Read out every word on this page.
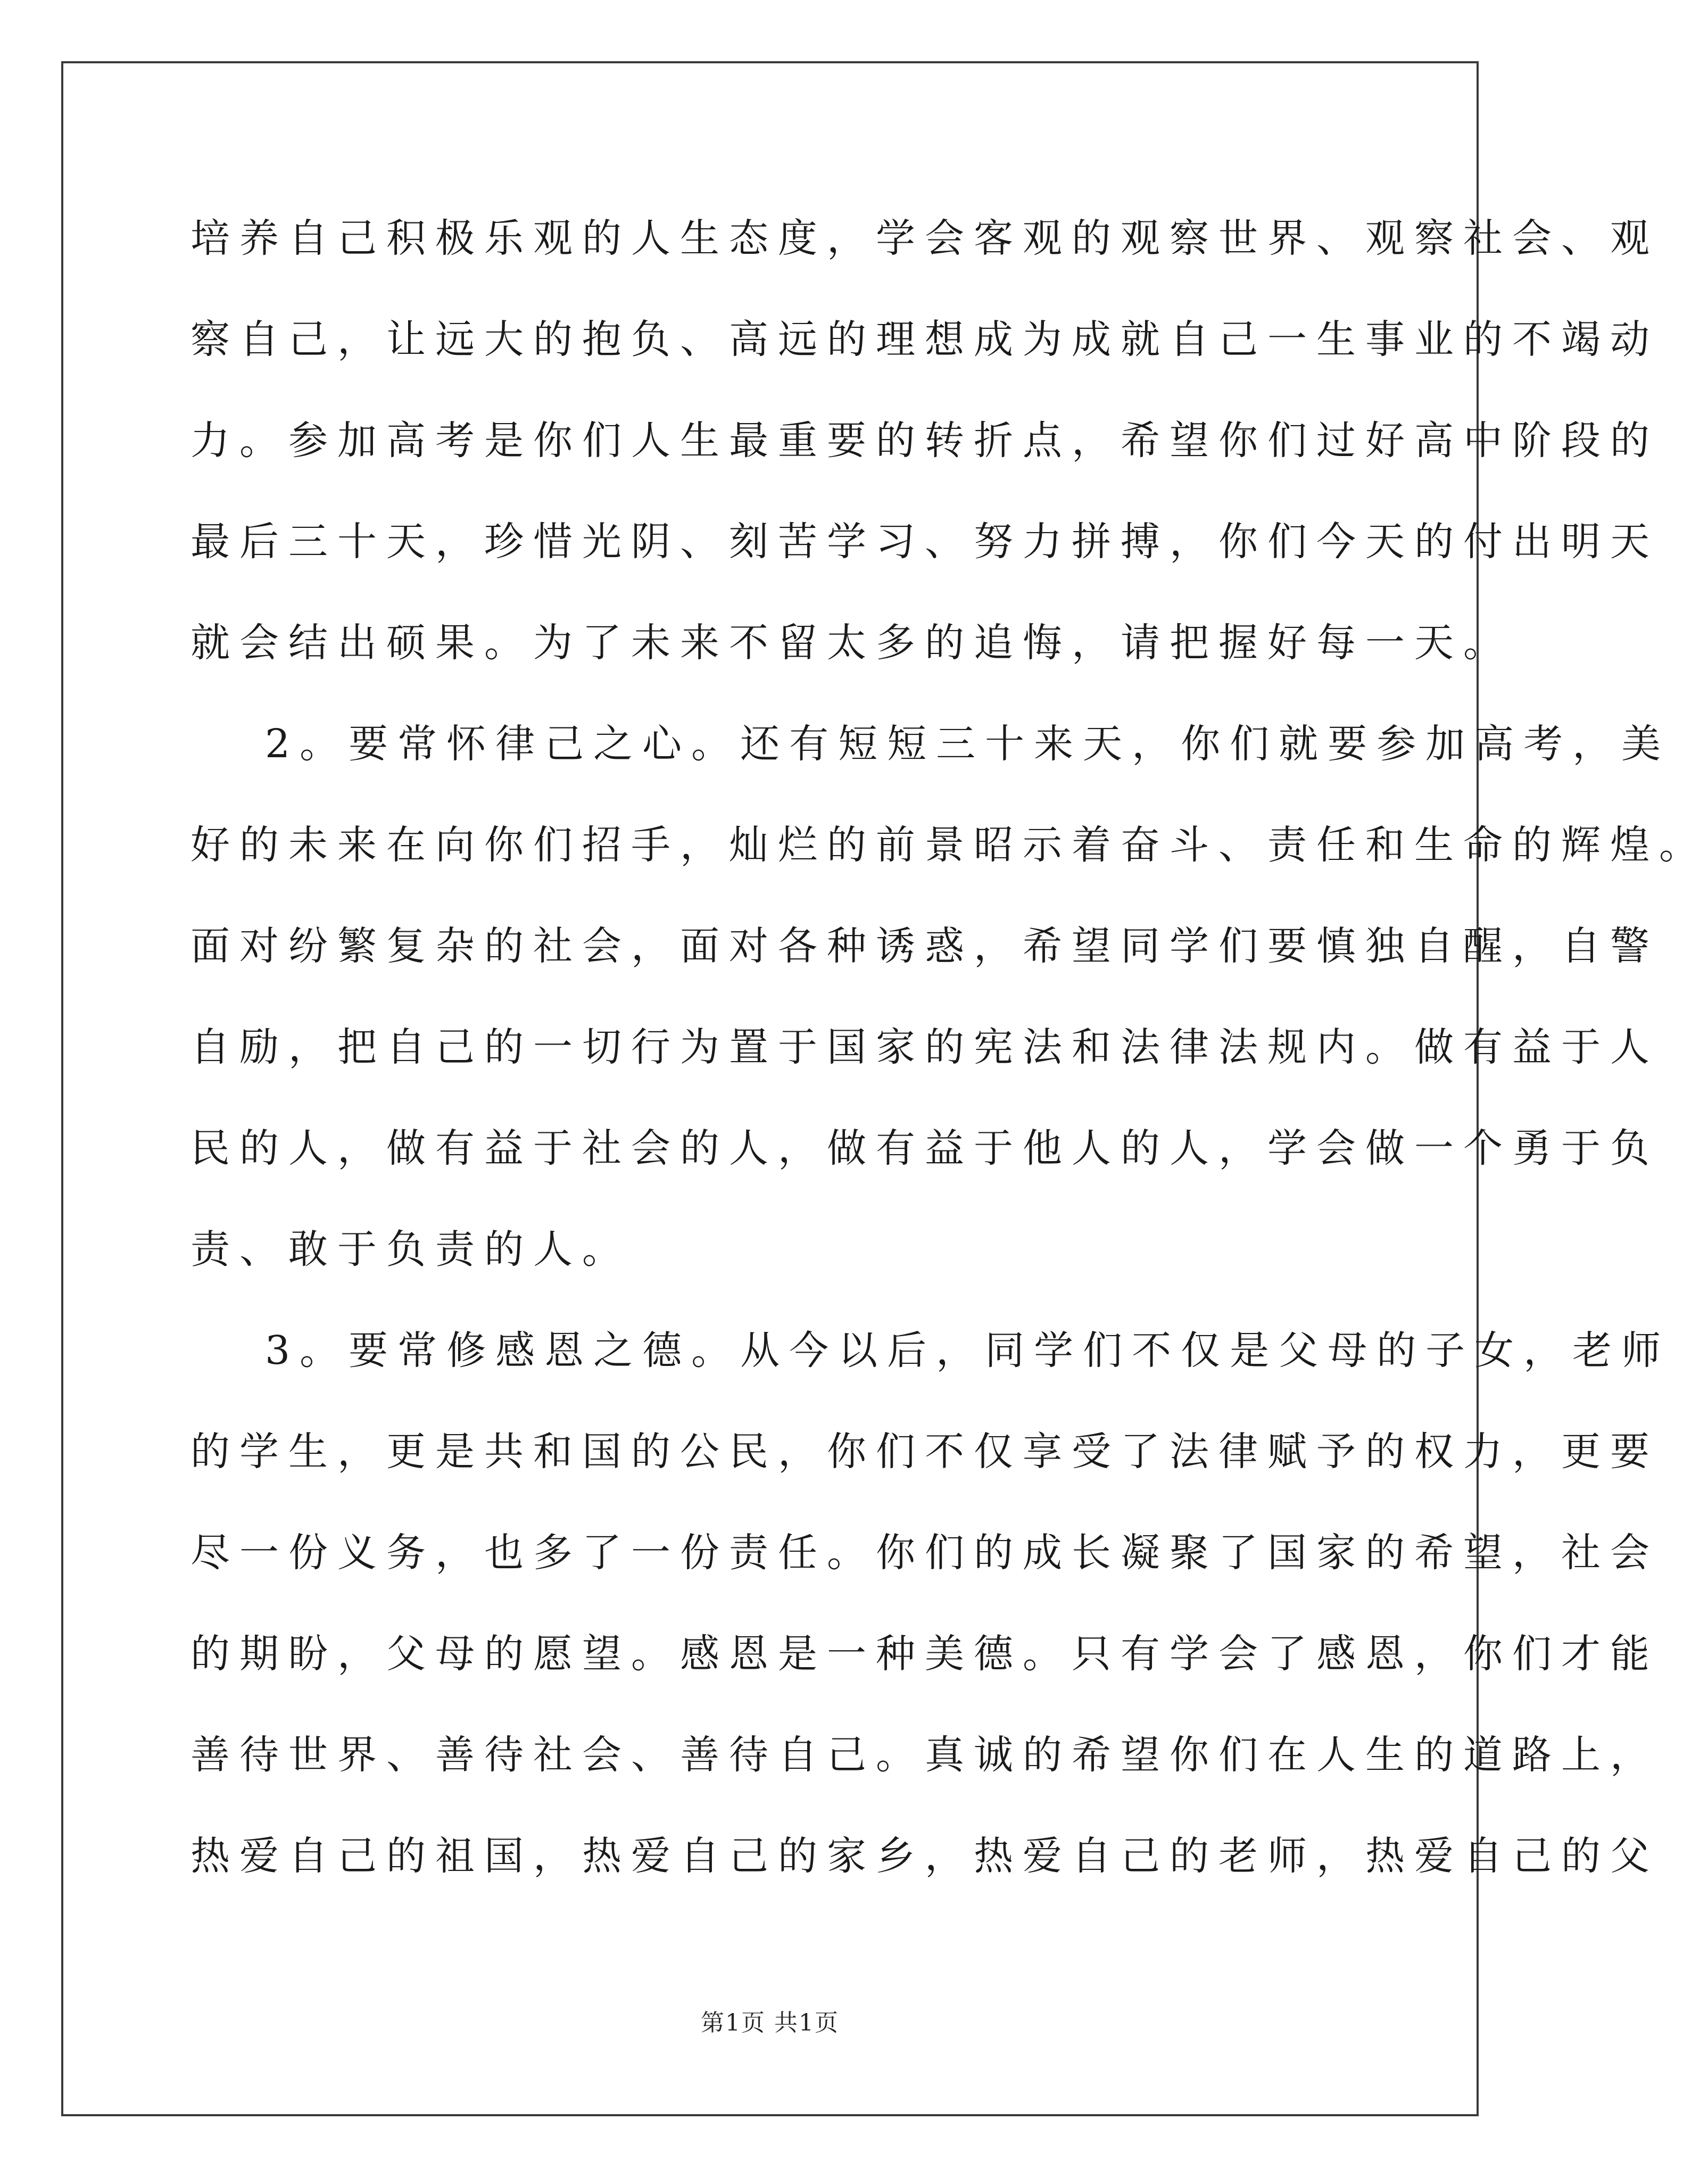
培养自己积极乐观的人生态度，学会客观的观察世界、观察社会、观
察自己，让远大的抱负、高远的理想成为成就自己一生事业的不竭动
力。参加高考是你们人生最重要的转折点，希望你们过好高中阶段的
最后三十天，珍惜光阴、刻苦学习、努力拼搏，你们今天的付出明天
就会结出硕果。为了未来不留太多的追悔，请把握好每一天。
2。要常怀律己之心。还有短短三十来天，你们就要参加高考，美
好的未来在向你们招手，灿烂的前景昭示着奋斗、责任和生命的辉煌。
面对纷繁复杂的社会，面对各种诱惑，希望同学们要慎独自醒，自警
自励，把自己的一切行为置于国家的宪法和法律法规内。做有益于人
民的人，做有益于社会的人，做有益于他人的人，学会做一个勇于负
责、敢于负责的人。
3。要常修感恩之德。从今以后，同学们不仅是父母的子女，老师
的学生，更是共和国的公民，你们不仅享受了法律赋予的权力，更要
尽一份义务，也多了一份责任。你们的成长凝聚了国家的希望，社会
的期盼，父母的愿望。感恩是一种美德。只有学会了感恩，你们才能
善待世界、善待社会、善待自己。真诚的希望你们在人生的道路上，
热爱自己的祖国，热爱自己的家乡，热爱自己的老师，热爱自己的父
第1页 共1页
